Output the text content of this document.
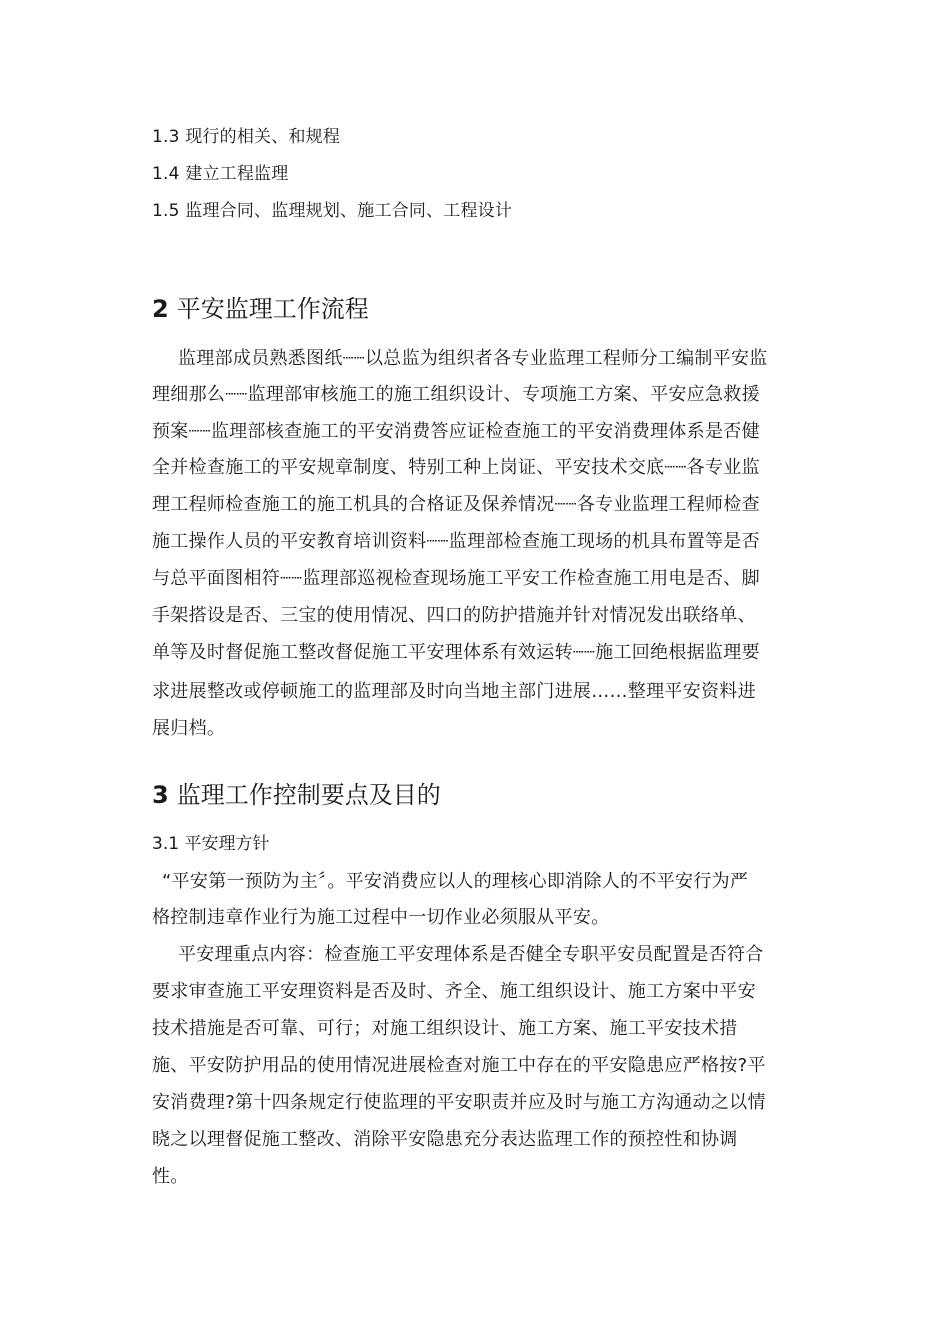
1.3 现行的相关、和规程
1.4 建立工程监理
1.5 监理合同、监理规划、施工合同、工程设计
2 平安监理工作流程
监理部成员熟悉图纸┈┈以总监为组织者各专业监理工程师分工编制平安监
理细那么┈┈监理部审核施工的施工组织设计、专项施工方案、平安应急救援
预案┈┈监理部核查施工的平安消费答应证检查施工的平安消费理体系是否健
全并检查施工的平安规章制度、特别工种上岗证、平安技术交底┈┈各专业监
理工程师检查施工的施工机具的合格证及保养情况┈┈各专业监理工程师检查
施工操作人员的平安教育培训资料┈┈监理部检查施工现场的机具布置等是否
与总平面图相符┈┈监理部巡视检查现场施工平安工作检查施工用电是否、脚
手架搭设是否、三宝的使用情况、四口的防护措施并针对情况发出联络单、
单等及时督促施工整改督促施工平安理体系有效运转┈┈施工回绝根据监理要
求进展整改或停顿施工的监理部及时向当地主部门进展……整理平安资料进
展归档。
3 监理工作控制要点及目的
3.1 平安理方针
“平安第一预防为主〞。平安消费应以人的理核心即消除人的不平安行为严
格控制违章作业行为施工过程中一切作业必须服从平安。
平安理重点内容：检查施工平安理体系是否健全专职平安员配置是否符合
要求审查施工平安理资料是否及时、齐全、施工组织设计、施工方案中平安
技术措施是否可靠、可行；对施工组织设计、施工方案、施工平安技术措
施、平安防护用品的使用情况进展检查对施工中存在的平安隐患应严格按?平
安消费理?第十四条规定行使监理的平安职责并应及时与施工方沟通动之以情
晓之以理督促施工整改、消除平安隐患充分表达监理工作的预控性和协调
性。
